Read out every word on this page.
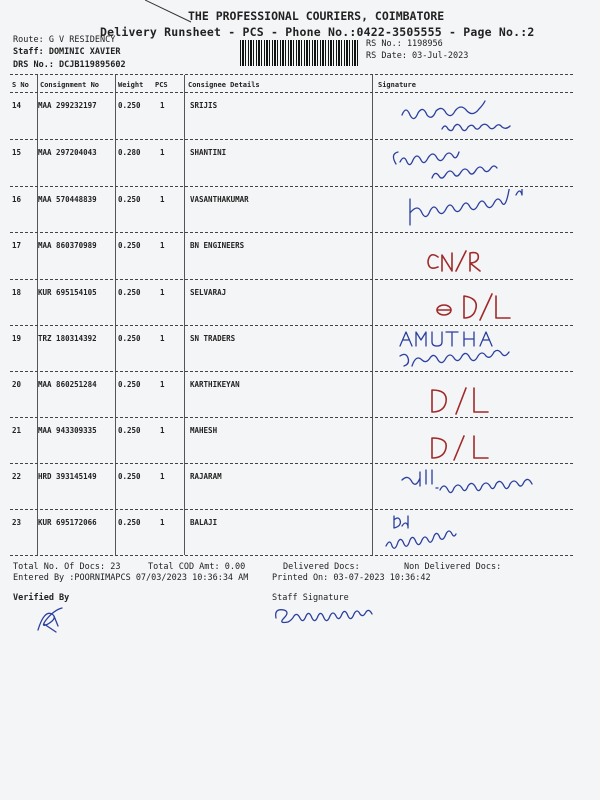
THE PROFESSIONAL COURIERS, COIMBATORE
Delivery Runsheet - PCS - Phone No.:0422-3505555 - Page No.:2
Route: G V RESIDENCY
Staff: DOMINIC XAVIER
DRS No.: DCJB119895602
RS No.: 1198956
RS Date: 03-Jul-2023
S No Consignment No	Weight PCS	Consignee Details	Signature
14 MAA 299232197	0.250	1	SRIJIS
15 MAA 297204043	0.280	1	SHANTINI
16 MAA 570448839	0.250	1	VASANTHAKUMAR
17 MAA 860370989	0.250	1	BN ENGINEERS
18 KUR 695154105	0.250	1	SELVARAJ
19 TRZ 180314392	0.250	1	SN TRADERS
20 MAA 860251284	0.250	1	KARTHIKEYAN
21 MAA 943309335	0.250	1	MAHESH
22 HRD 393145149	0.250	1	RAJARAM
23 KUR 695172066	0.250	1	BALAJI
Total No. Of Docs: 23	Total COD Amt: 0.00	Delivered Docs:	Non Delivered Docs:
Entered By :POORNIMAPCS 07/03/2023 10:36:34 AM	Printed On: 03-07-2023 10:36:42
Verified By	Staff Signature
